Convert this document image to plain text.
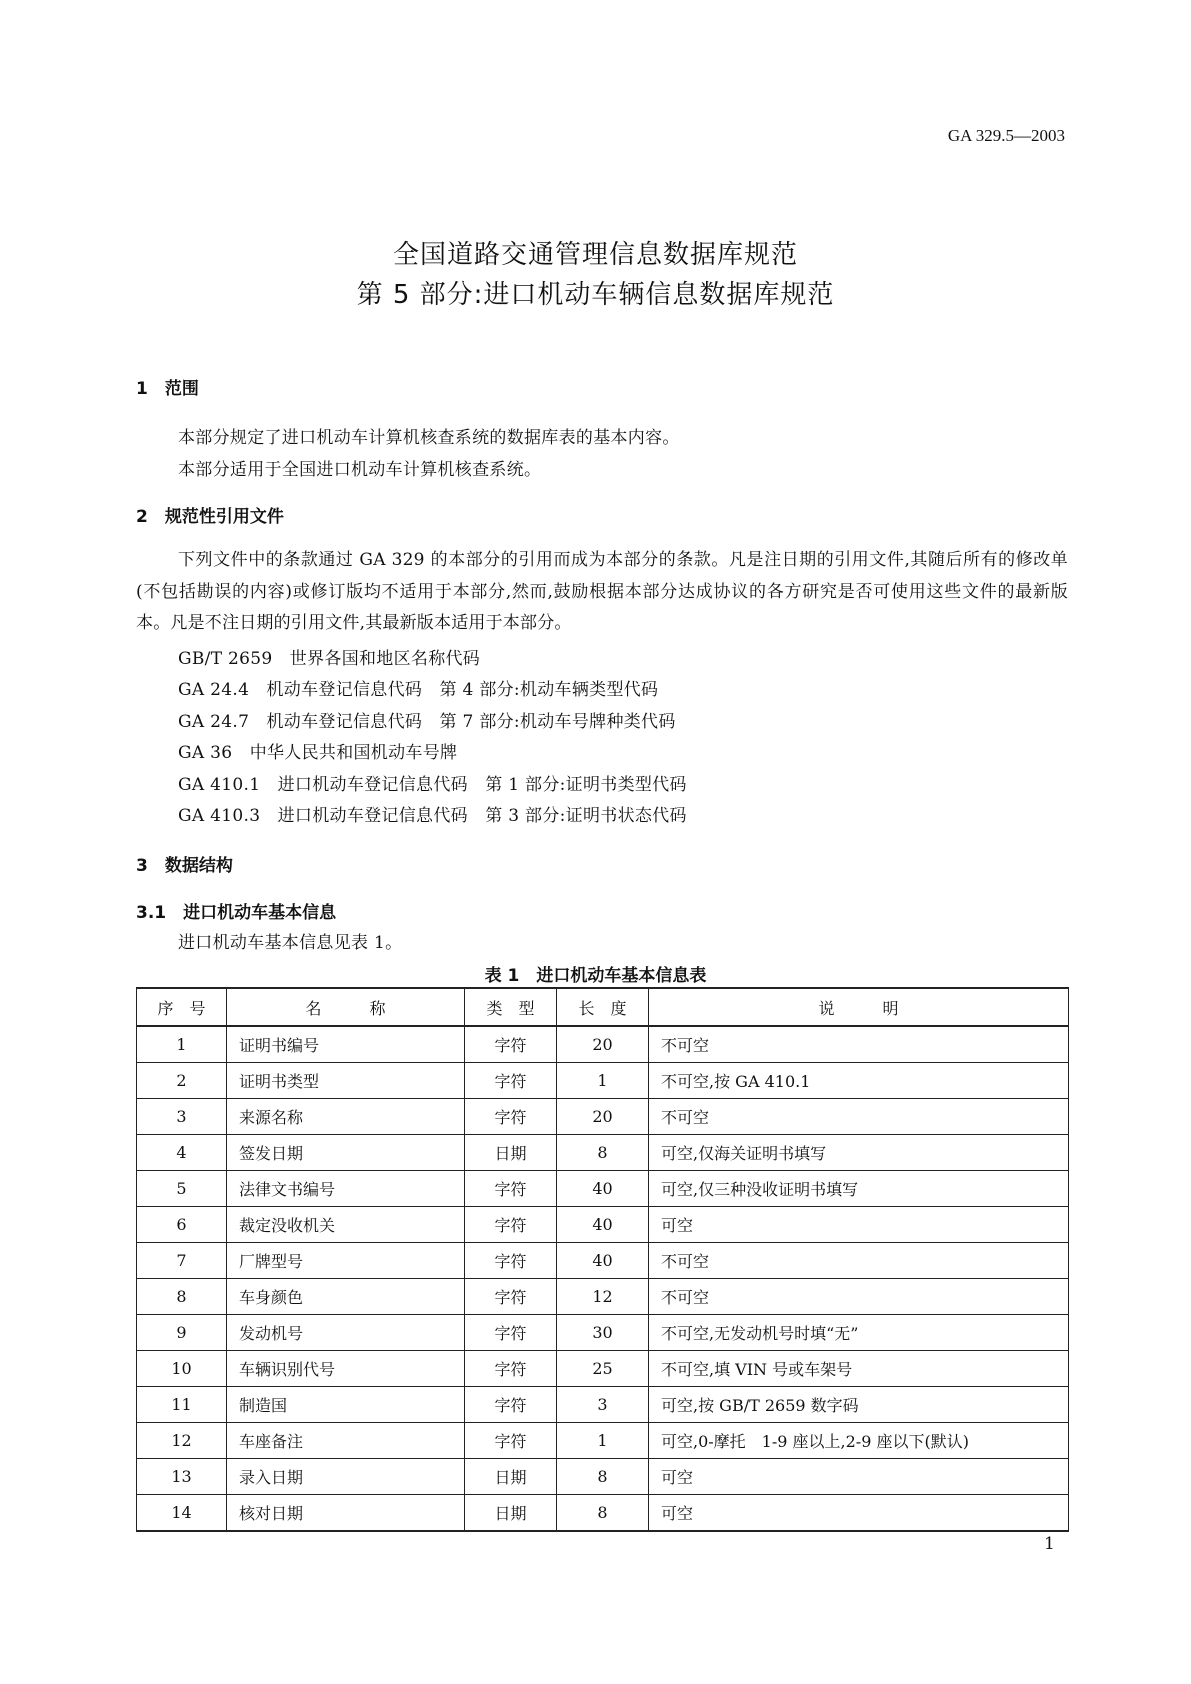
GA 329.5—2003
全国道路交通管理信息数据库规范
第 5 部分:进口机动车辆信息数据库规范
1　范围
本部分规定了进口机动车计算机核查系统的数据库表的基本内容。
本部分适用于全国进口机动车计算机核查系统。
2　规范性引用文件
下列文件中的条款通过 GA 329 的本部分的引用而成为本部分的条款。凡是注日期的引用文件,其随后所有的修改单(不包括勘误的内容)或修订版均不适用于本部分,然而,鼓励根据本部分达成协议的各方研究是否可使用这些文件的最新版本。凡是不注日期的引用文件,其最新版本适用于本部分。
GB/T 2659　世界各国和地区名称代码
GA 24.4　机动车登记信息代码　第 4 部分:机动车辆类型代码
GA 24.7　机动车登记信息代码　第 7 部分:机动车号牌种类代码
GA 36　中华人民共和国机动车号牌
GA 410.1　进口机动车登记信息代码　第 1 部分:证明书类型代码
GA 410.3　进口机动车登记信息代码　第 3 部分:证明书状态代码
3　数据结构
3.1　进口机动车基本信息
进口机动车基本信息见表 1。
表 1　进口机动车基本信息表
序　号	名　　　称	类　型	长　度	说　　　明
1	证明书编号	字符	20	不可空
2	证明书类型	字符	1	不可空,按 GA 410.1
3	来源名称	字符	20	不可空
4	签发日期	日期	8	可空,仅海关证明书填写
5	法律文书编号	字符	40	可空,仅三种没收证明书填写
6	裁定没收机关	字符	40	可空
7	厂牌型号	字符	40	不可空
8	车身颜色	字符	12	不可空
9	发动机号	字符	30	不可空,无发动机号时填“无”
10	车辆识别代号	字符	25	不可空,填 VIN 号或车架号
11	制造国	字符	3	可空,按 GB/T 2659 数字码
12	车座备注	字符	1	可空,0-摩托　1-9 座以上,2-9 座以下(默认)
13	录入日期	日期	8	可空
14	核对日期	日期	8	可空
1
